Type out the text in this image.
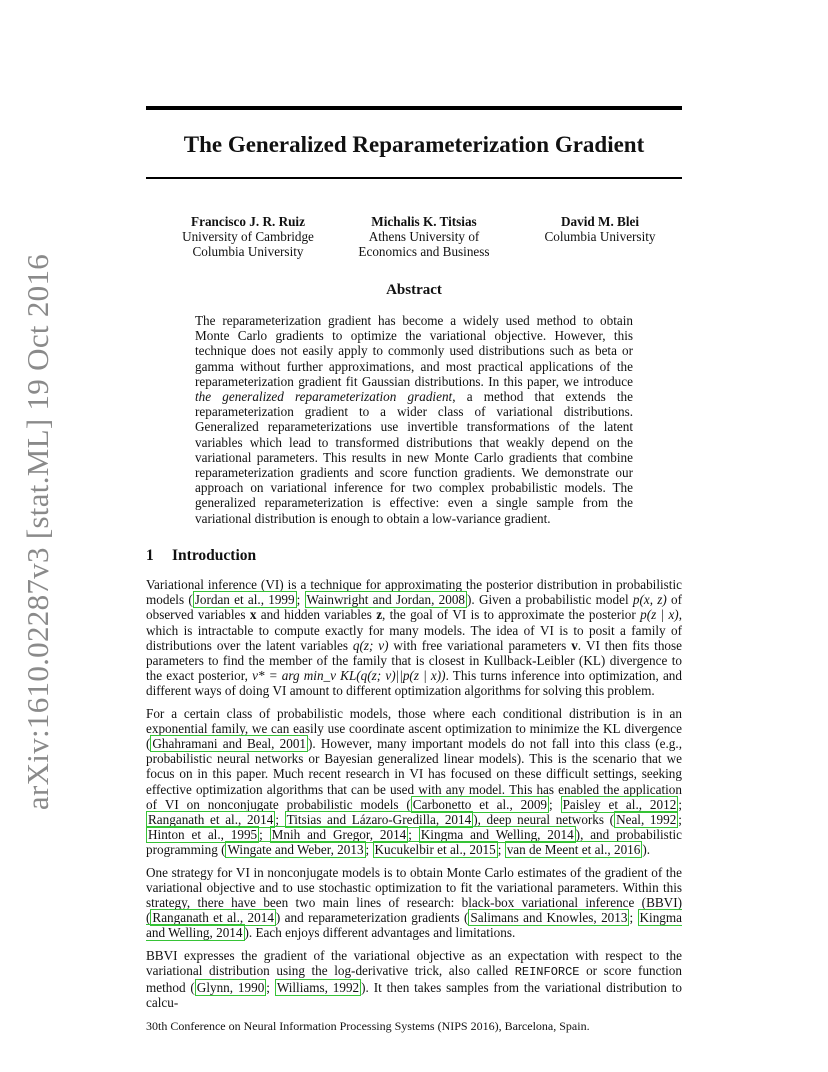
arXiv:1610.02287v3 [stat.ML] 19 Oct 2016
The Generalized Reparameterization Gradient
Francisco J. R. Ruiz
University of Cambridge
Columbia University
Michalis K. Titsias
Athens University of
Economics and Business
David M. Blei
Columbia University
Abstract

The reparameterization gradient has become a widely used method to obtain Monte Carlo gradients to optimize the variational objective. However, this technique does not easily apply to commonly used distributions such as beta or gamma without further approximations, and most practical applications of the reparameterization gradient fit Gaussian distributions. In this paper, we introduce the generalized reparameterization gradient, a method that extends the reparameterization gradient to a wider class of variational distributions. Generalized reparameterizations use invertible transformations of the latent variables which lead to transformed distributions that weakly depend on the variational parameters. This results in new Monte Carlo gradients that combine reparameterization gradients and score function gradients. We demonstrate our approach on variational inference for two complex probabilistic models. The generalized reparameterization is effective: even a single sample from the variational distribution is enough to obtain a low-variance gradient.

1 Introduction

Variational inference (VI) is a technique for approximating the posterior distribution in probabilistic models ( Jordan et al., 1999 ; Wainwright and Jordan, 2008 ). Given a probabilistic model p(x, z) of observed variables x and hidden variables z, the goal of VI is to approximate the posterior p(z | x), which is intractable to compute exactly for many models. The idea of VI is to posit a family of distributions over the latent variables q(z; v) with free variational parameters v. VI then fits those parameters to find the member of the family that is closest in Kullback-Leibler (KL) divergence to the exact posterior, v* = arg min_v KL(q(z; v)||p(z | x)). This turns inference into optimization, and different ways of doing VI amount to different optimization algorithms for solving this problem.

For a certain class of probabilistic models, those where each conditional distribution is in an exponential family, we can easily use coordinate ascent optimization to minimize the KL divergence ( Ghahramani and Beal, 2001 ). However, many important models do not fall into this class (e.g., probabilistic neural networks or Bayesian generalized linear models). This is the scenario that we focus on in this paper. Much recent research in VI has focused on these difficult settings, seeking effective optimization algorithms that can be used with any model. This has enabled the application of VI on nonconjugate probabilistic models ( Carbonetto et al., 2009 ; Paisley et al., 2012 ; Ranganath et al., 2014 ; Titsias and Lázaro-Gredilla, 2014 ), deep neural networks ( Neal, 1992 ; Hinton et al., 1995 ; Mnih and Gregor, 2014 ; Kingma and Welling, 2014 ), and probabilistic programming ( Wingate and Weber, 2013 ; Kucukelbir et al., 2015 ; van de Meent et al., 2016 ).

One strategy for VI in nonconjugate models is to obtain Monte Carlo estimates of the gradient of the variational objective and to use stochastic optimization to fit the variational parameters. Within this strategy, there have been two main lines of research: black-box variational inference (BBVI) ( Ranganath et al., 2014 ) and reparameterization gradients ( Salimans and Knowles, 2013 ; Kingma and Welling, 2014 ). Each enjoys different advantages and limitations.

BBVI expresses the gradient of the variational objective as an expectation with respect to the variational distribution using the log-derivative trick, also called REINFORCE or score function method ( Glynn, 1990 ; Williams, 1992 ). It then takes samples from the variational distribution to calcu-

30th Conference on Neural Information Processing Systems (NIPS 2016), Barcelona, Spain.
